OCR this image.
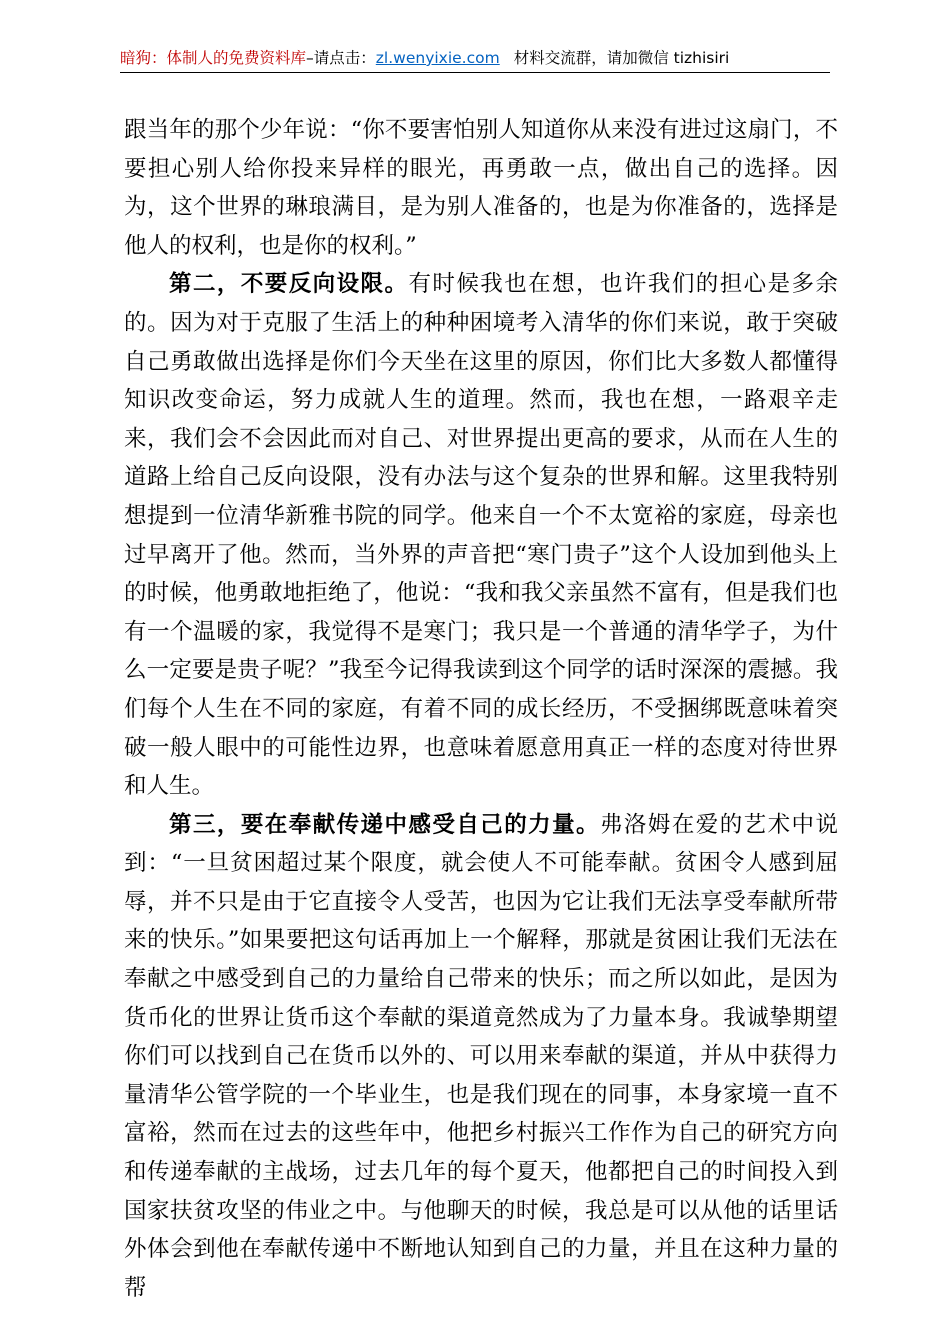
暗狗：体制人的免费资料库–请点击：zl.wenyixie.com 材料交流群，请加微信 tizhisiri

跟当年的那个少年说：“你不要害怕别人知道你从来没有进过这扇门，不要担心别人给你投来异样的眼光，再勇敢一点，做出自己的选择。因为，这个世界的琳琅满目，是为别人准备的，也是为你准备的，选择是他人的权利，也是你的权利。”

第二，不要反向设限。有时候我也在想，也许我们的担心是多余的。因为对于克服了生活上的种种困境考入清华的你们来说，敢于突破自己勇敢做出选择是你们今天坐在这里的原因，你们比大多数人都懂得知识改变命运，努力成就人生的道理。然而，我也在想，一路艰辛走来，我们会不会因此而对自己、对世界提出更高的要求，从而在人生的道路上给自己反向设限，没有办法与这个复杂的世界和解。这里我特别想提到一位清华新雅书院的同学。他来自一个不太宽裕的家庭，母亲也过早离开了他。然而，当外界的声音把“寒门贵子”这个人设加到他头上的时候，他勇敢地拒绝了，他说：“我和我父亲虽然不富有，但是我们也有一个温暖的家，我觉得不是寒门；我只是一个普通的清华学子，为什么一定要是贵子呢？”我至今记得我读到这个同学的话时深深的震撼。我们每个人生在不同的家庭，有着不同的成长经历，不受捆绑既意味着突破一般人眼中的可能性边界，也意味着愿意用真正一样的态度对待世界和人生。

第三，要在奉献传递中感受自己的力量。弗洛姆在爱的艺术中说到：“一旦贫困超过某个限度，就会使人不可能奉献。贫困令人感到屈辱，并不只是由于它直接令人受苦，也因为它让我们无法享受奉献所带来的快乐。”如果要把这句话再加上一个解释，那就是贫困让我们无法在奉献之中感受到自己的力量给自己带来的快乐；而之所以如此，是因为货币化的世界让货币这个奉献的渠道竟然成为了力量本身。我诚挚期望你们可以找到自己在货币以外的、可以用来奉献的渠道，并从中获得力量清华公管学院的一个毕业生，也是我们现在的同事，本身家境一直不富裕，然而在过去的这些年中，他把乡村振兴工作作为自己的研究方向和传递奉献的主战场，过去几年的每个夏天，他都把自己的时间投入到国家扶贫攻坚的伟业之中。与他聊天的时候，我总是可以从他的话里话外体会到他在奉献传递中不断地认知到自己的力量，并且在这种力量的帮
